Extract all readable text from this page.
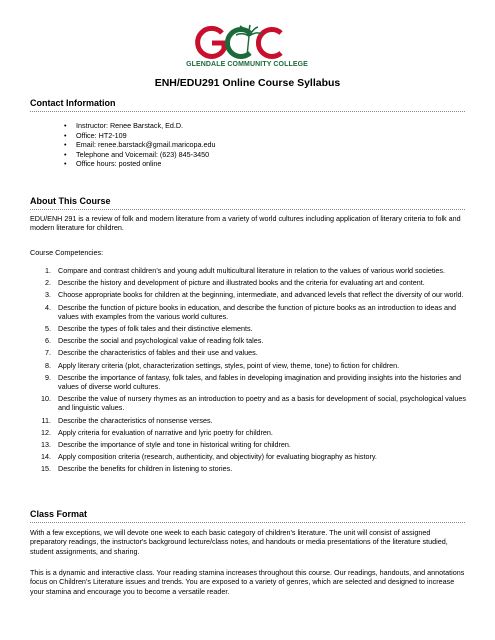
GLENDALE COMMUNITY COLLEGE
ENH/EDU291 Online Course Syllabus
Contact Information
• Instructor: Renee Barstack, Ed.D.
• Office: HT2-109
• Email: renee.barstack@gmail.maricopa.edu
• Telephone and Voicemail: (623) 845-3450
• Office hours: posted online
About This Course
EDU/ENH 291 is a review of folk and modern literature from a variety of world cultures including application of literary criteria to folk and modern literature for children.
Course Competencies:
1. Compare and contrast children’s and young adult multicultural literature in relation to the values of various world societies.
2. Describe the history and development of picture and illustrated books and the criteria for evaluating art and content.
3. Choose appropriate books for children at the beginning, intermediate, and advanced levels that reflect the diversity of our world.
4. Describe the function of picture books in education, and describe the function of picture books as an introduction to ideas and values with examples from the various world cultures.
5. Describe the types of folk tales and their distinctive elements.
6. Describe the social and psychological value of reading folk tales.
7. Describe the characteristics of fables and their use and values.
8. Apply literary criteria (plot, characterization settings, styles, point of view, theme, tone) to fiction for children.
9. Describe the importance of fantasy, folk tales, and fables in developing imagination and providing insights into the histories and values of diverse world cultures.
10. Describe the value of nursery rhymes as an introduction to poetry and as a basis for development of social, psychological values and linguistic values.
11. Describe the characteristics of nonsense verses.
12. Apply criteria for evaluation of narrative and lyric poetry for children.
13. Describe the importance of style and tone in historical writing for children.
14. Apply composition criteria (research, authenticity, and objectivity) for evaluating biography as history.
15. Describe the benefits for children in listening to stories.
Class Format
With a few exceptions, we will devote one week to each basic category of children's literature. The unit will consist of assigned preparatory readings, the instructor's background lecture/class notes, and handouts or media presentations of the literature studied, student assignments, and sharing.
This is a dynamic and interactive class. Your reading stamina increases throughout this course. Our readings, handouts, and annotations focus on Children’s Literature issues and trends. You are exposed to a variety of genres, which are selected and designed to increase your stamina and encourage you to become a versatile reader.
